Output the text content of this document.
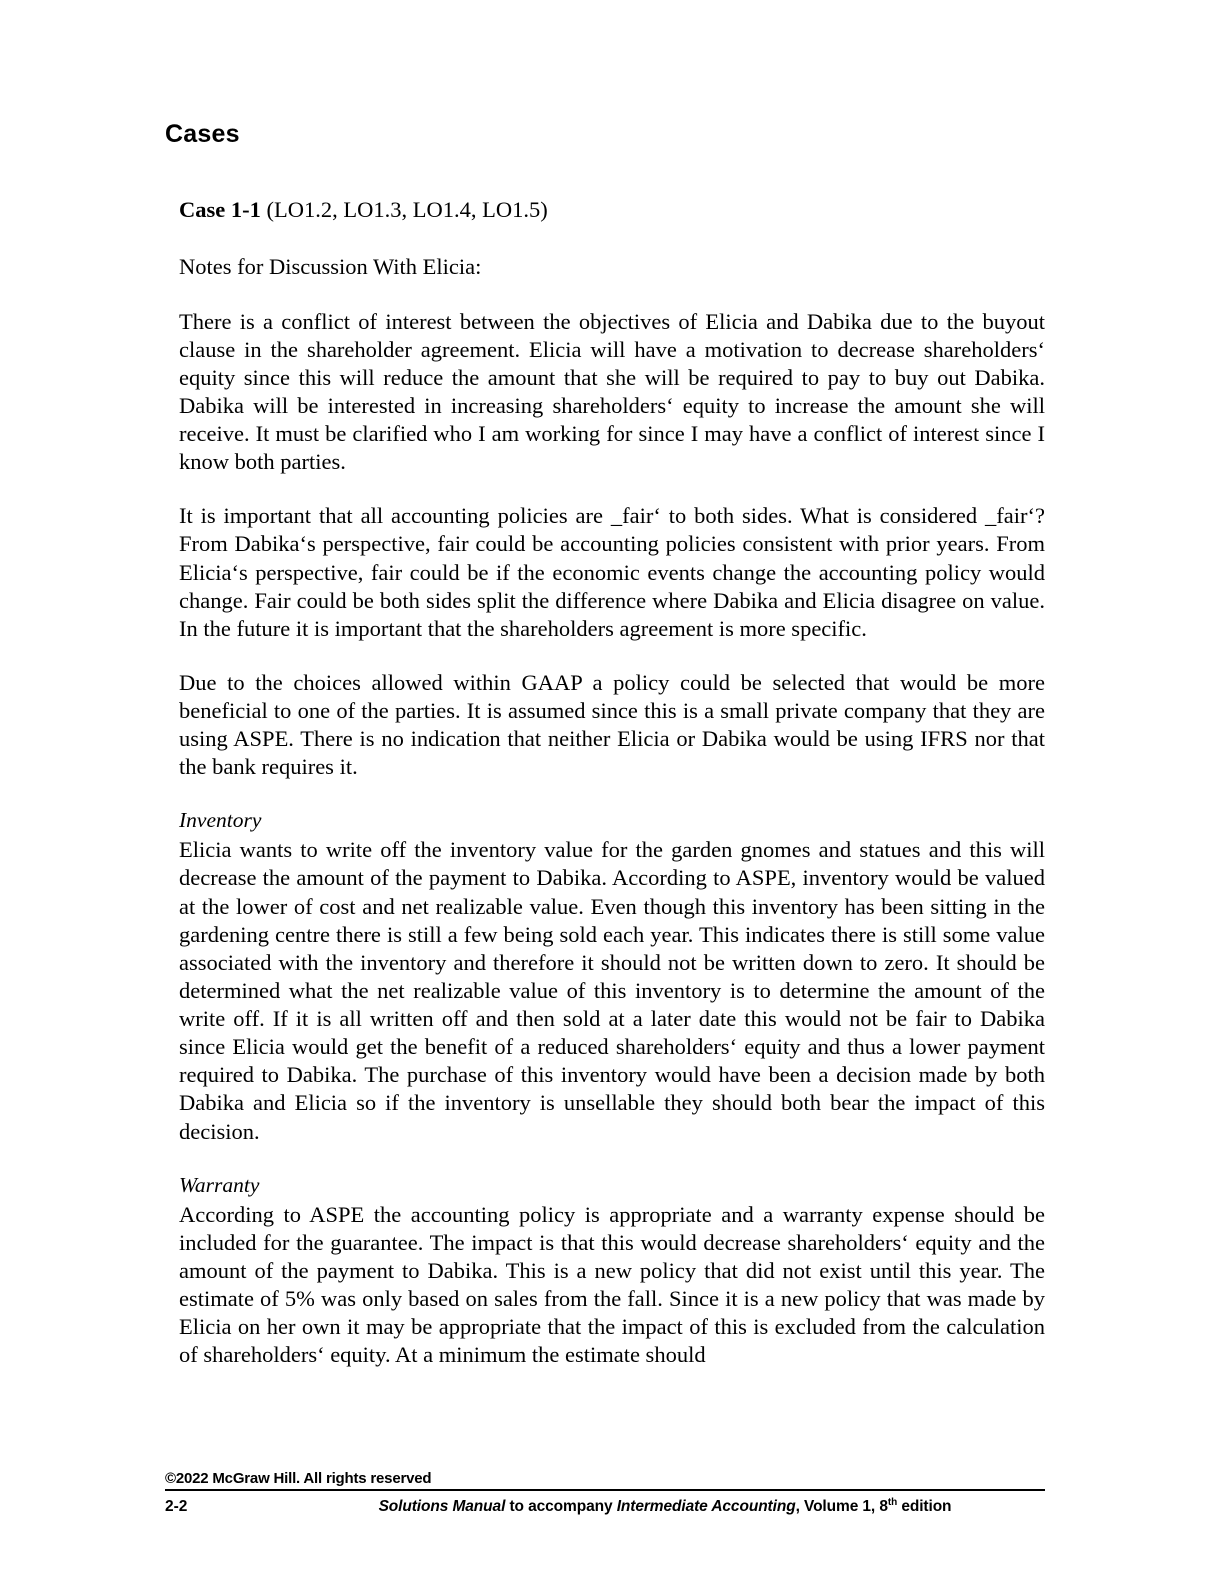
Cases
Case 1-1 (LO1.2, LO1.3, LO1.4, LO1.5)

Notes for Discussion With Elicia:

There is a conflict of interest between the objectives of Elicia and Dabika due to the buyout clause in the shareholder agreement. Elicia will have a motivation to decrease shareholders‘ equity since this will reduce the amount that she will be required to pay to buy out Dabika. Dabika will be interested in increasing shareholders‘ equity to increase the amount she will receive. It must be clarified who I am working for since I may have a conflict of interest since I know both parties.

It is important that all accounting policies are _fair‘ to both sides. What is considered _fair‘? From Dabika‘s perspective, fair could be accounting policies consistent with prior years. From Elicia‘s perspective, fair could be if the economic events change the accounting policy would change. Fair could be both sides split the difference where Dabika and Elicia disagree on value. In the future it is important that the shareholders agreement is more specific.

Due to the choices allowed within GAAP a policy could be selected that would be more beneficial to one of the parties. It is assumed since this is a small private company that they are using ASPE. There is no indication that neither Elicia or Dabika would be using IFRS nor that the bank requires it.

Inventory

Elicia wants to write off the inventory value for the garden gnomes and statues and this will decrease the amount of the payment to Dabika. According to ASPE, inventory would be valued at the lower of cost and net realizable value. Even though this inventory has been sitting in the gardening centre there is still a few being sold each year. This indicates there is still some value associated with the inventory and therefore it should not be written down to zero. It should be determined what the net realizable value of this inventory is to determine the amount of the write off. If it is all written off and then sold at a later date this would not be fair to Dabika since Elicia would get the benefit of a reduced shareholders‘ equity and thus a lower payment required to Dabika. The purchase of this inventory would have been a decision made by both Dabika and Elicia so if the inventory is unsellable they should both bear the impact of this decision.

Warranty

According to ASPE the accounting policy is appropriate and a warranty expense should be included for the guarantee. The impact is that this would decrease shareholders‘ equity and the amount of the payment to Dabika. This is a new policy that did not exist until this year. The estimate of 5% was only based on sales from the fall. Since it is a new policy that was made by Elicia on her own it may be appropriate that the impact of this is excluded from the calculation of shareholders‘ equity. At a minimum the estimate should

©2022 McGraw Hill. All rights reserved
2-2	Solutions Manual to accompany Intermediate Accounting, Volume 1, 8th edition
